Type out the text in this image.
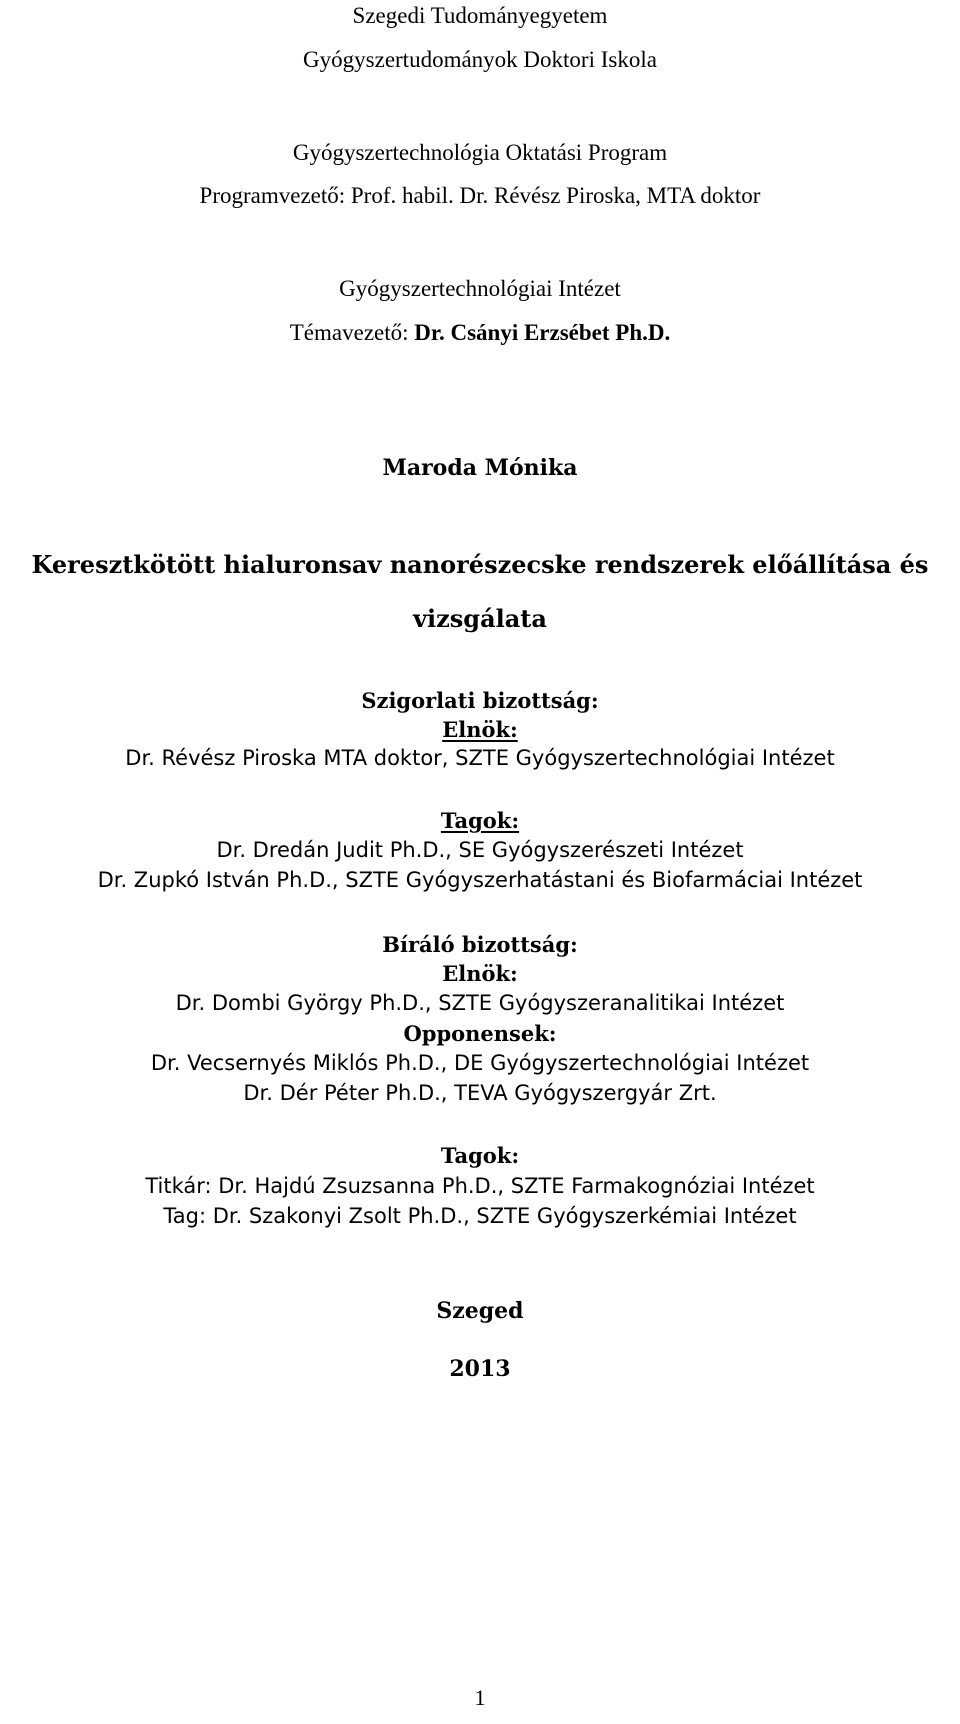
Szegedi Tudományegyetem
Gyógyszertudományok Doktori Iskola
Gyógyszertechnológia Oktatási Program
Programvezető: Prof. habil. Dr. Révész Piroska, MTA doktor
Gyógyszertechnológiai Intézet
Témavezető: Dr. Csányi Erzsébet Ph.D.
Maroda Mónika
Keresztkötött hialuronsav nanorészecske rendszerek előállítása és
vizsgálata
Szigorlati bizottság:
Elnök:
Dr. Révész Piroska MTA doktor, SZTE Gyógyszertechnológiai Intézet
Tagok:
Dr. Dredán Judit Ph.D., SE Gyógyszerészeti Intézet
Dr. Zupkó István Ph.D., SZTE Gyógyszerhatástani és Biofarmáciai Intézet
Bíráló bizottság:
Elnök:
Dr. Dombi György Ph.D., SZTE Gyógyszeranalitikai Intézet
Opponensek:
Dr. Vecsernyés Miklós Ph.D., DE Gyógyszertechnológiai Intézet
Dr. Dér Péter Ph.D., TEVA Gyógyszergyár Zrt.
Tagok:
Titkár: Dr. Hajdú Zsuzsanna Ph.D., SZTE Farmakognóziai Intézet
Tag: Dr. Szakonyi Zsolt Ph.D., SZTE Gyógyszerkémiai Intézet
Szeged
2013
1
